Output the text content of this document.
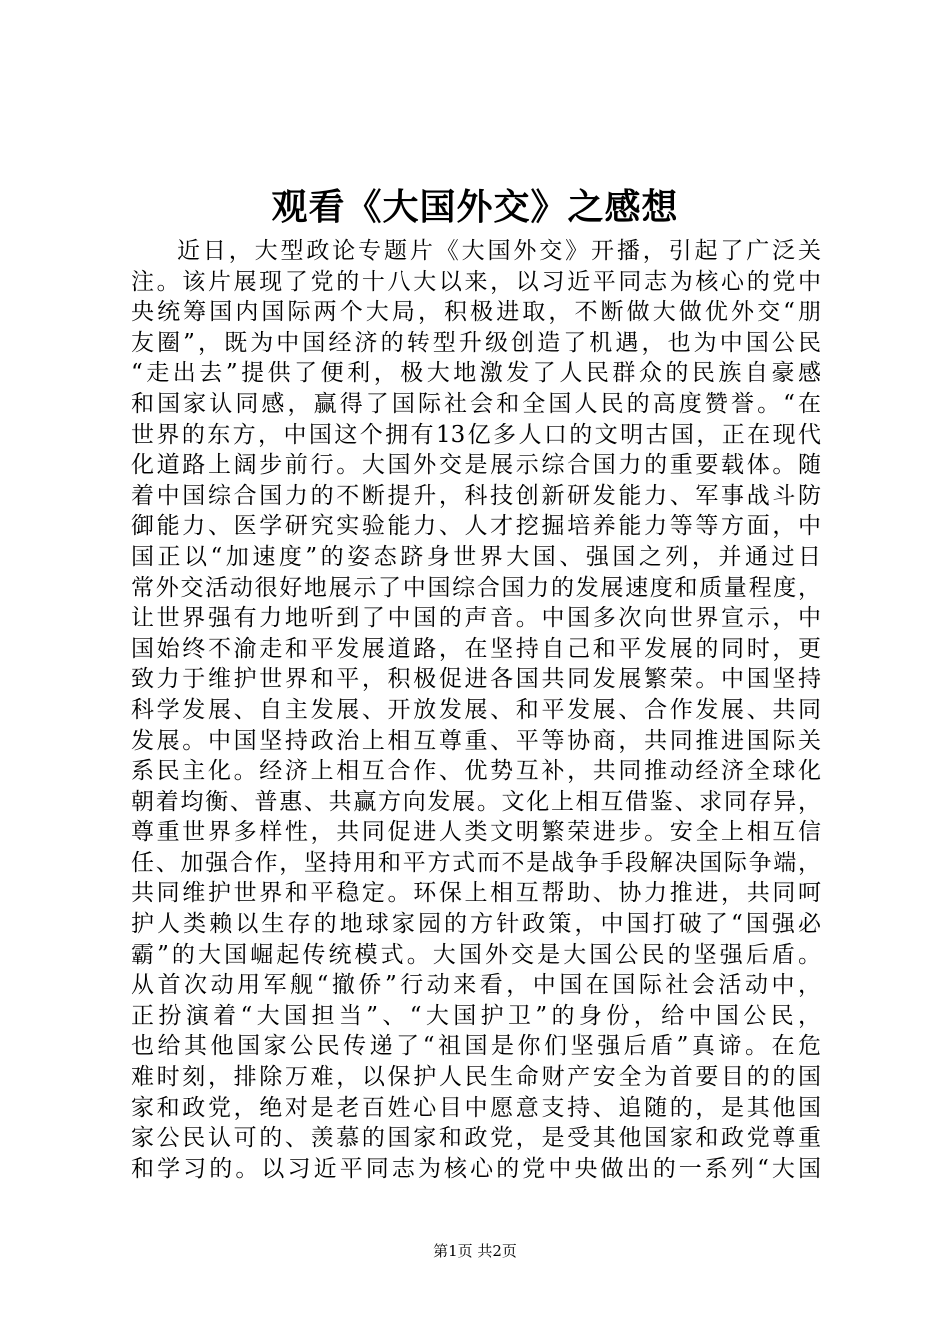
观看《大国外交》之感想
近日，大型政论专题片《大国外交》开播，引起了广泛关
注。该片展现了党的十八大以来，以习近平同志为核心的党中
央统筹国内国际两个大局，积极进取，不断做大做优外交“朋
友圈”，既为中国经济的转型升级创造了机遇，也为中国公民
“走出去”提供了便利，极大地激发了人民群众的民族自豪感
和国家认同感，赢得了国际社会和全国人民的高度赞誉。“在
世界的东方，中国这个拥有13亿多人口的文明古国，正在现代
化道路上阔步前行。大国外交是展示综合国力的重要载体。随
着中国综合国力的不断提升，科技创新研发能力、军事战斗防
御能力、医学研究实验能力、人才挖掘培养能力等等方面，中
国正以“加速度”的姿态跻身世界大国、强国之列，并通过日
常外交活动很好地展示了中国综合国力的发展速度和质量程度，
让世界强有力地听到了中国的声音。中国多次向世界宣示，中
国始终不渝走和平发展道路，在坚持自己和平发展的同时，更
致力于维护世界和平，积极促进各国共同发展繁荣。中国坚持
科学发展、自主发展、开放发展、和平发展、合作发展、共同
发展。中国坚持政治上相互尊重、平等协商，共同推进国际关
系民主化。经济上相互合作、优势互补，共同推动经济全球化
朝着均衡、普惠、共赢方向发展。文化上相互借鉴、求同存异，
尊重世界多样性，共同促进人类文明繁荣进步。安全上相互信
任、加强合作，坚持用和平方式而不是战争手段解决国际争端，
共同维护世界和平稳定。环保上相互帮助、协力推进，共同呵
护人类赖以生存的地球家园的方针政策，中国打破了“国强必
霸”的大国崛起传统模式。大国外交是大国公民的坚强后盾。
从首次动用军舰“撤侨”行动来看，中国在国际社会活动中，
正扮演着“大国担当”、“大国护卫”的身份，给中国公民，
也给其他国家公民传递了“祖国是你们坚强后盾”真谛。在危
难时刻，排除万难，以保护人民生命财产安全为首要目的的国
家和政党，绝对是老百姓心目中愿意支持、追随的，是其他国
家公民认可的、羡慕的国家和政党，是受其他国家和政党尊重
和学习的。以习近平同志为核心的党中央做出的一系列“大国
第1页 共2页
